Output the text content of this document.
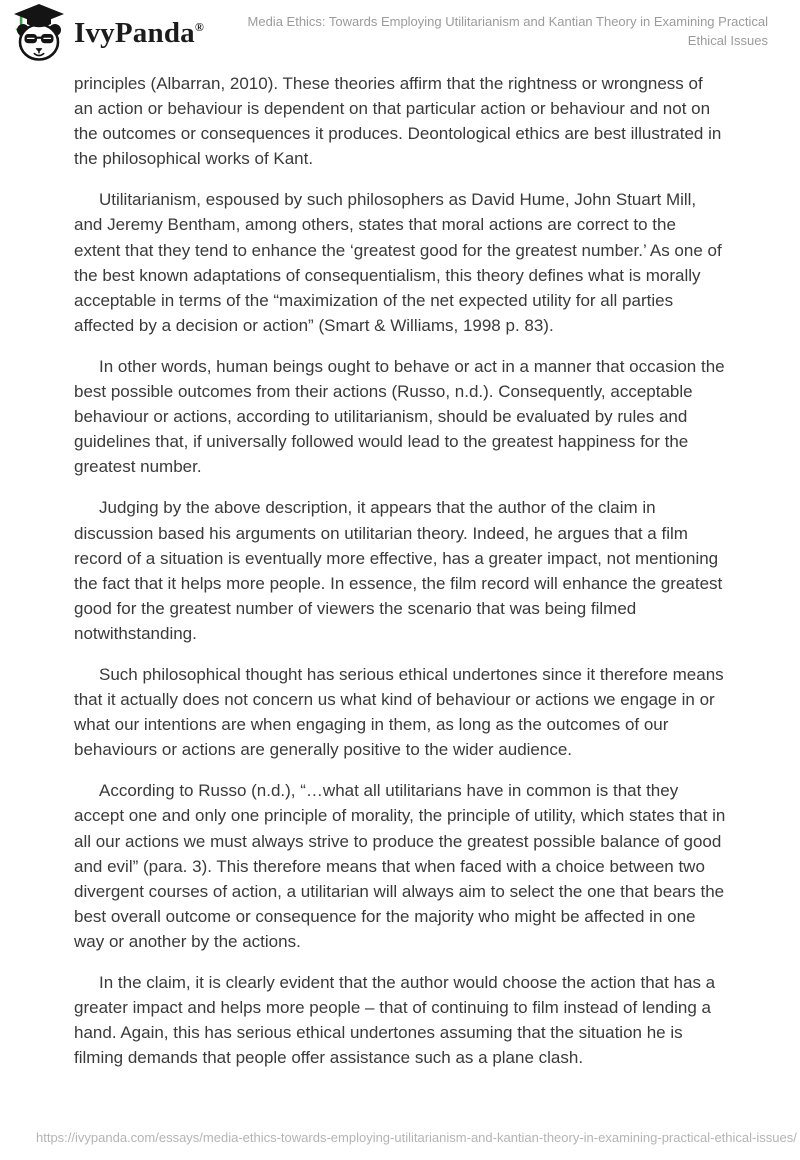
IvyPanda®	Media Ethics: Towards Employing Utilitarianism and Kantian Theory in Examining Practical Ethical Issues

principles (Albarran, 2010). These theories affirm that the rightness or wrongness of an action or behaviour is dependent on that particular action or behaviour and not on the outcomes or consequences it produces. Deontological ethics are best illustrated in the philosophical works of Kant.

Utilitarianism, espoused by such philosophers as David Hume, John Stuart Mill, and Jeremy Bentham, among others, states that moral actions are correct to the extent that they tend to enhance the ‘greatest good for the greatest number.’ As one of the best known adaptations of consequentialism, this theory defines what is morally acceptable in terms of the “maximization of the net expected utility for all parties affected by a decision or action” (Smart & Williams, 1998 p. 83).

In other words, human beings ought to behave or act in a manner that occasion the best possible outcomes from their actions (Russo, n.d.). Consequently, acceptable behaviour or actions, according to utilitarianism, should be evaluated by rules and guidelines that, if universally followed would lead to the greatest happiness for the greatest number.

Judging by the above description, it appears that the author of the claim in discussion based his arguments on utilitarian theory. Indeed, he argues that a film record of a situation is eventually more effective, has a greater impact, not mentioning the fact that it helps more people. In essence, the film record will enhance the greatest good for the greatest number of viewers the scenario that was being filmed notwithstanding.

Such philosophical thought has serious ethical undertones since it therefore means that it actually does not concern us what kind of behaviour or actions we engage in or what our intentions are when engaging in them, as long as the outcomes of our behaviours or actions are generally positive to the wider audience.

According to Russo (n.d.), “…what all utilitarians have in common is that they accept one and only one principle of morality, the principle of utility, which states that in all our actions we must always strive to produce the greatest possible balance of good and evil” (para. 3). This therefore means that when faced with a choice between two divergent courses of action, a utilitarian will always aim to select the one that bears the best overall outcome or consequence for the majority who might be affected in one way or another by the actions.

In the claim, it is clearly evident that the author would choose the action that has a greater impact and helps more people – that of continuing to film instead of lending a hand. Again, this has serious ethical undertones assuming that the situation he is filming demands that people offer assistance such as a plane clash.

https://ivypanda.com/essays/media-ethics-towards-employing-utilitarianism-and-kantian-theory-in-examining-practical-ethical-issues/
